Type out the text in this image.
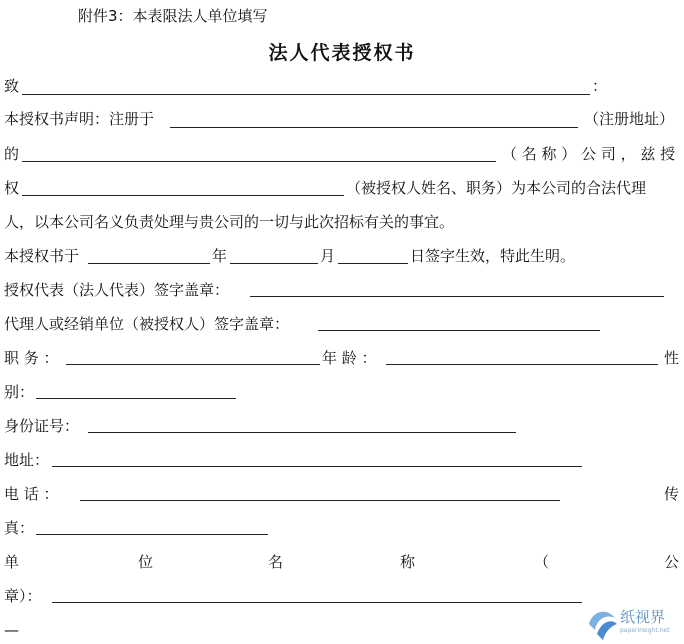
附件3：本表限法人单位填写
法人代表授权书
致	：
本授权书声明：注册于	（注册地址）
的	（ 名 称 ） 公 司 ， 兹 授
权	（被授权人姓名、职务）为本公司的合法代理
人，以本公司名义负责处理与贵公司的一切与此次招标有关的事宜。
本授权书于	年	月	日签字生效，特此生明。
授权代表（法人代表）签字盖章：
代理人或经销单位（被授权人）签字盖章：
职 务 ：	年 龄 ：	性
别：
身份证号：
地址：
电 话 ：	传
真：
单	位	名	称	（	公
章）：
—
纸视界
paperinsight.net
